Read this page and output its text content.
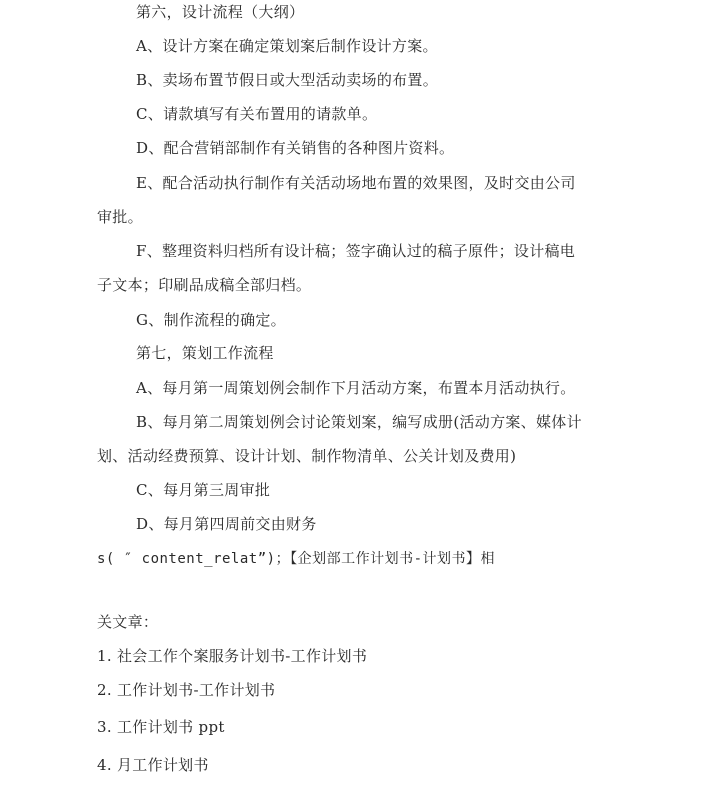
第六，设计流程（大纲）
A、设计方案在确定策划案后制作设计方案。
B、卖场布置节假日或大型活动卖场的布置。
C、请款填写有关布置用的请款单。
D、配合营销部制作有关销售的各种图片资料。
E、配合活动执行制作有关活动场地布置的效果图，及时交由公司
审批。
F、整理资料归档所有设计稿；签字确认过的稿子原件；设计稿电
子文本；印刷品成稿全部归档。
G、制作流程的确定。
第七，策划工作流程
A、每月第一周策划例会制作下月活动方案，布置本月活动执行。
B、每月第二周策划例会讨论策划案，编写成册(活动方案、媒体计
划、活动经费预算、设计计划、制作物清单、公关计划及费用)
C、每月第三周审批
D、每月第四周前交由财务
s( ″ content_relat”)；【企划部工作计划书-计划书】相
关文章：
1. 社会工作个案服务计划书-工作计划书
2. 工作计划书-工作计划书
3. 工作计划书 ppt
4. 月工作计划书
